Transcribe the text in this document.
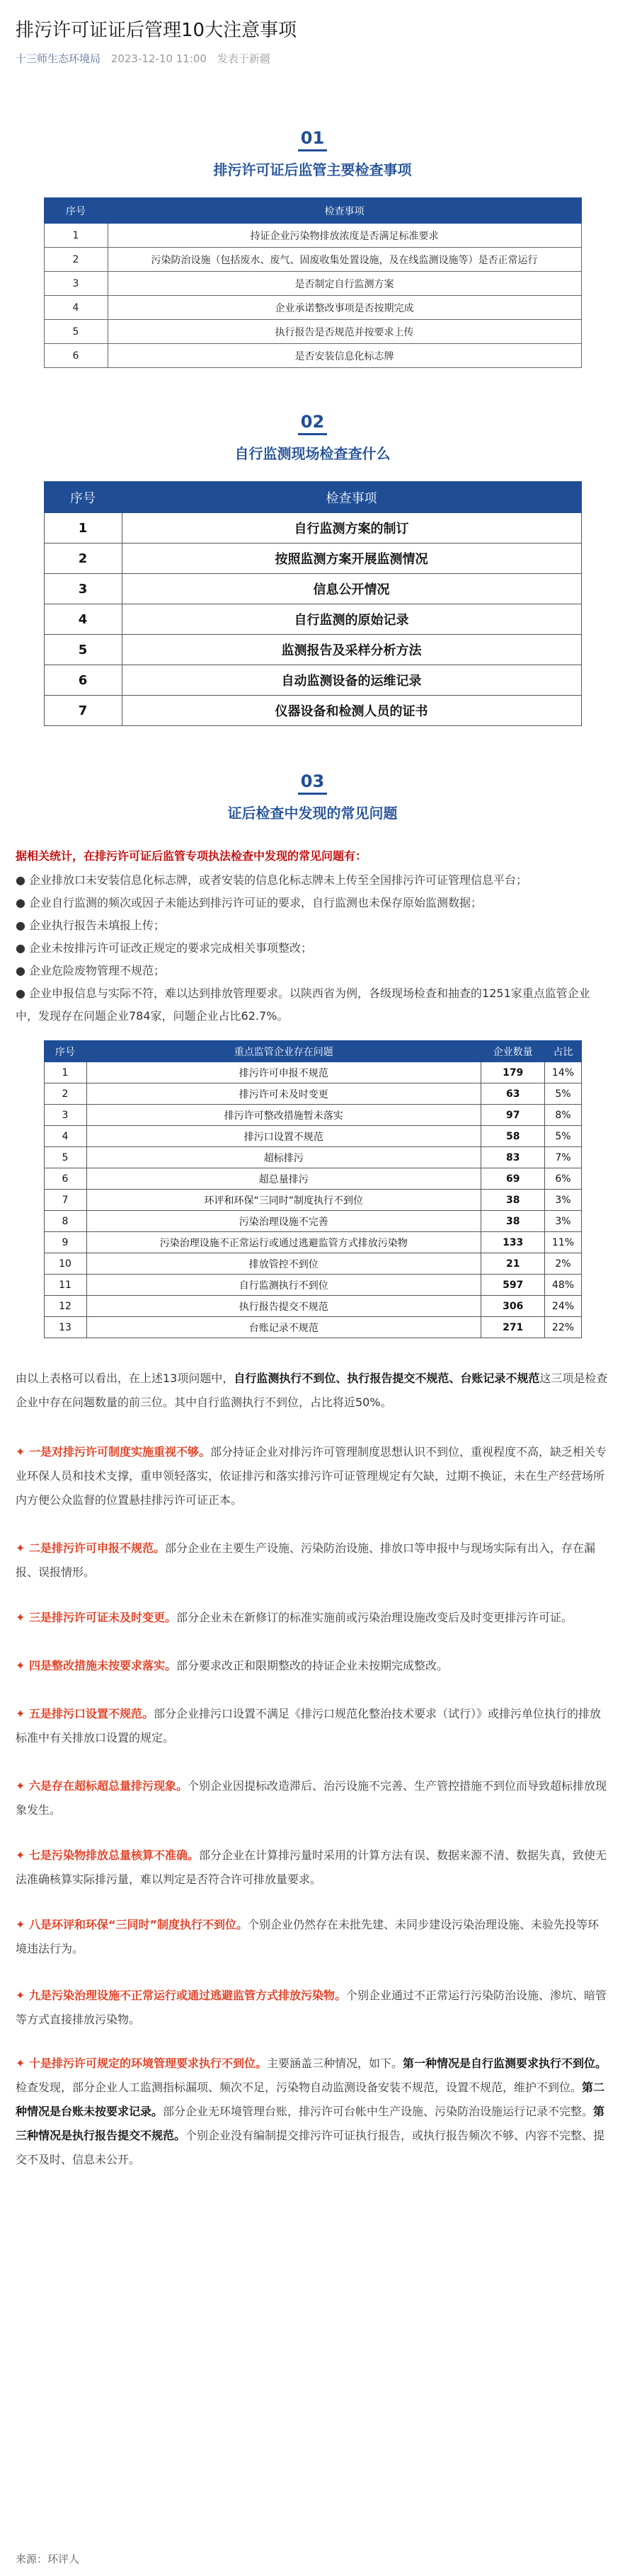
排污许可证证后管理10大注意事项
十三师生态环境局 2023-12-10 11:00 发表于新疆
01
排污许可证后监管主要检查事项
序号	检查事项
1	持证企业污染物排放浓度是否满足标准要求
2	污染防治设施（包括废水、废气、固废收集处置设施，及在线监测设施等）是否正常运行
3	是否制定自行监测方案
4	企业承诺整改事项是否按期完成
5	执行报告是否规范并按要求上传
6	是否安装信息化标志牌
02
自行监测现场检查查什么
序号	检查事项
1	自行监测方案的制订
2	按照监测方案开展监测情况
3	信息公开情况
4	自行监测的原始记录
5	监测报告及采样分析方法
6	自动监测设备的运维记录
7	仪器设备和检测人员的证书
03
证后检查中发现的常见问题

据相关统计，在排污许可证后监管专项执法检查中发现的常见问题有：

● 企业排放口未安装信息化标志牌，或者安装的信息化标志牌未上传至全国排污许可证管理信息平台；

● 企业自行监测的频次或因子未能达到排污许可证的要求，自行监测也未保存原始监测数据；

● 企业执行报告未填报上传；

● 企业未按排污许可证改正规定的要求完成相关事项整改；

● 企业危险废物管理不规范；

● 企业申报信息与实际不符，难以达到排放管理要求。以陕西省为例，各级现场检查和抽查的1251家重点监管企业中，发现存在问题企业784家，问题企业占比62.7%。

序号	重点监管企业存在问题	企业数量	占比
1	排污许可申报不规范	179	14%
2	排污许可未及时变更	63	5%
3	排污许可整改措施暂未落实	97	8%
4	排污口设置不规范	58	5%
5	超标排污	83	7%
6	超总量排污	69	6%
7	环评和环保“三同时”制度执行不到位	38	3%
8	污染治理设施不完善	38	3%
9	污染治理设施不正常运行或通过逃避监管方式排放污染物	133	11%
10	排放管控不到位	21	2%
11	自行监测执行不到位	597	48%
12	执行报告提交不规范	306	24%
13	台账记录不规范	271	22%

由以上表格可以看出，在上述13项问题中，自行监测执行不到位、执行报告提交不规范、台账记录不规范这三项是检查企业中存在问题数量的前三位。其中自行监测执行不到位，占比将近50%。

✦ 一是对排污许可制度实施重视不够。部分持证企业对排污许可管理制度思想认识不到位，重视程度不高，缺乏相关专业环保人员和技术支撑，重申领轻落实，依证排污和落实排污许可证管理规定有欠缺，过期不换证，未在生产经营场所内方便公众监督的位置悬挂排污许可证正本。

✦ 二是排污许可申报不规范。部分企业在主要生产设施、污染防治设施、排放口等申报中与现场实际有出入，存在漏报、误报情形。

✦ 三是排污许可证未及时变更。部分企业未在新修订的标准实施前或污染治理设施改变后及时变更排污许可证。

✦ 四是整改措施未按要求落实。部分要求改正和限期整改的持证企业未按期完成整改。

✦ 五是排污口设置不规范。部分企业排污口设置不满足《排污口规范化整治技术要求（试行）》或排污单位执行的排放标准中有关排放口设置的规定。

✦ 六是存在超标超总量排污现象。个别企业因提标改造滞后、治污设施不完善、生产管控措施不到位而导致超标排放现象发生。

✦ 七是污染物排放总量核算不准确。部分企业在计算排污量时采用的计算方法有误、数据来源不清、数据失真，致使无法准确核算实际排污量，难以判定是否符合许可排放量要求。

✦ 八是环评和环保“三同时”制度执行不到位。个别企业仍然存在未批先建、未同步建设污染治理设施、未验先投等环境违法行为。

✦ 九是污染治理设施不正常运行或通过逃避监管方式排放污染物。个别企业通过不正常运行污染防治设施、渗坑、暗管等方式直接排放污染物。

✦ 十是排污许可规定的环境管理要求执行不到位。主要涵盖三种情况，如下。第一种情况是自行监测要求执行不到位。检查发现，部分企业人工监测指标漏项、频次不足，污染物自动监测设备安装不规范，设置不规范，维护不到位。第二种情况是台账未按要求记录。部分企业无环境管理台账，排污许可台帐中生产设施、污染防治设施运行记录不完整。第三种情况是执行报告提交不规范。个别企业没有编制提交排污许可证执行报告，或执行报告频次不够、内容不完整、提交不及时、信息未公开。

来源：环评人
